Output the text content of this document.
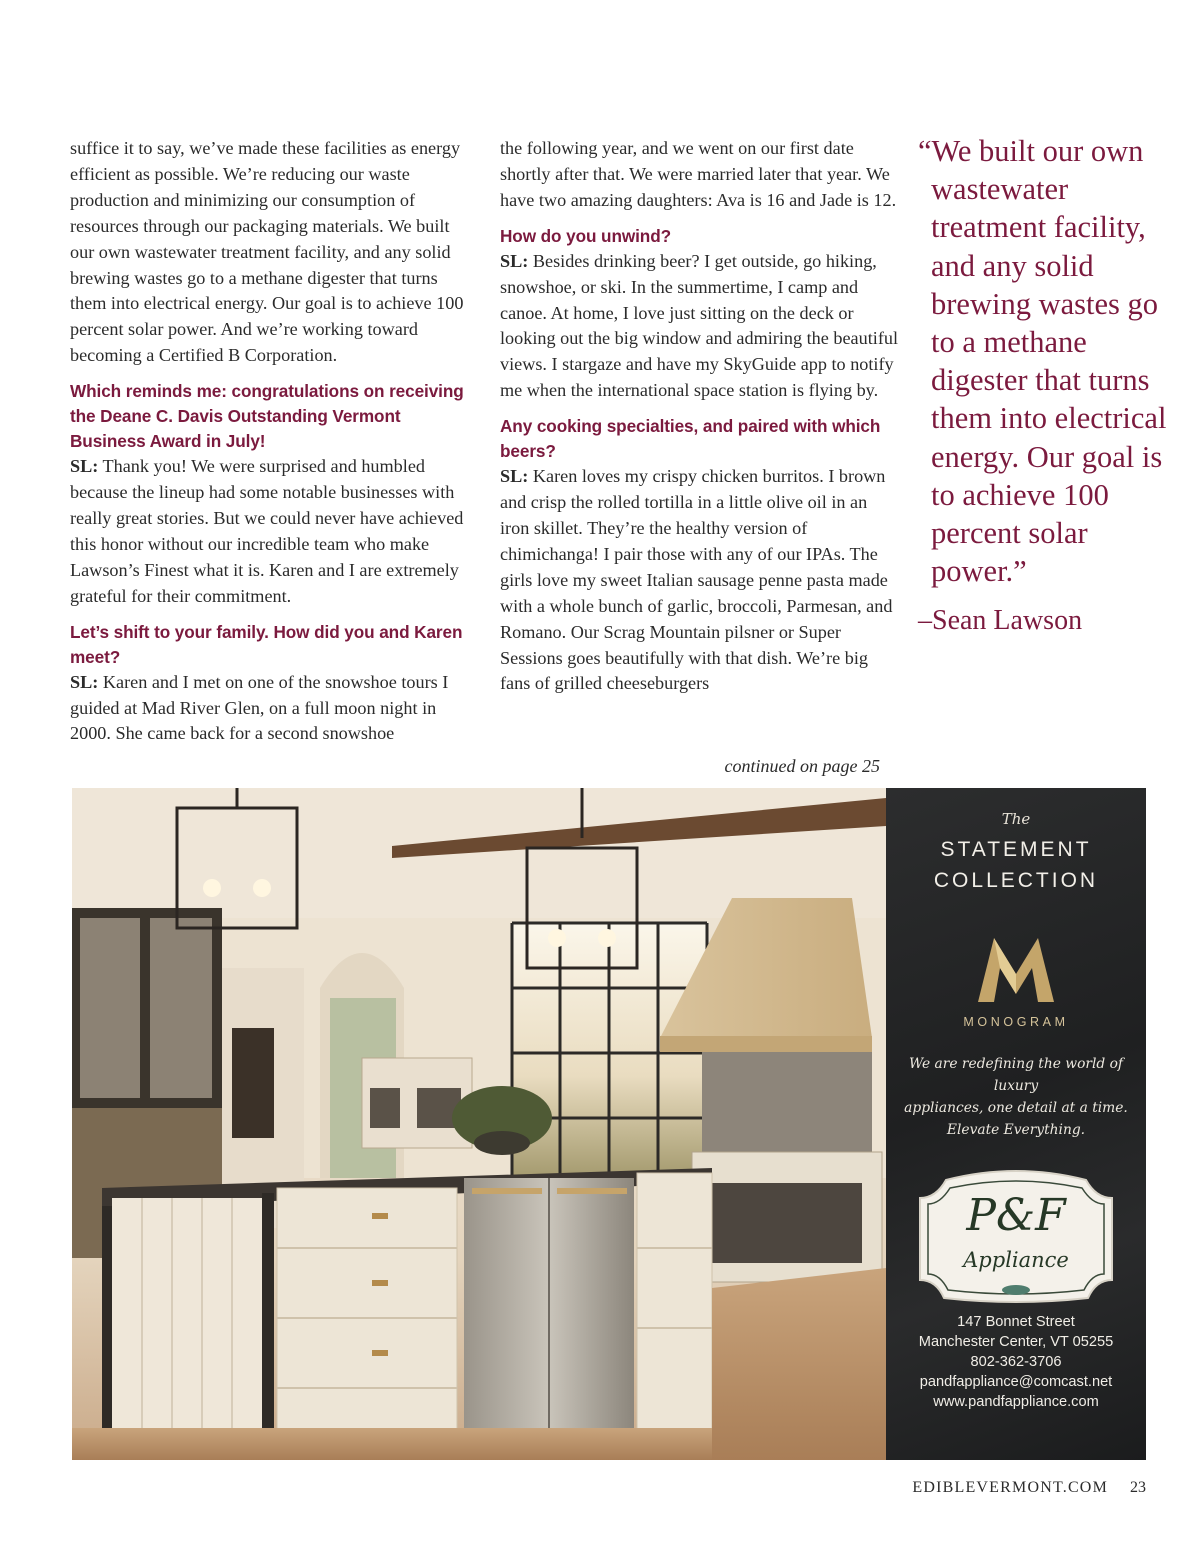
suffice it to say, we’ve made these facilities as energy efficient as possible. We’re reducing our waste production and minimizing our consumption of resources through our packaging materials. We built our own wastewater treatment facility, and any solid brewing wastes go to a methane digester that turns them into electrical energy. Our goal is to achieve 100 percent solar power. And we’re working toward becoming a Certified B Corporation.

Which reminds me: congratulations on receiving the Deane C. Davis Outstanding Vermont Business Award in July!

SL: Thank you! We were surprised and humbled because the lineup had some notable businesses with really great stories. But we could never have achieved this honor without our incredible team who make Lawson’s Finest what it is. Karen and I are extremely grateful for their commitment.

Let’s shift to your family. How did you and Karen meet?

SL: Karen and I met on one of the snowshoe tours I guided at Mad River Glen, on a full moon night in 2000. She came back for a second snowshoe

the following year, and we went on our first date shortly after that. We were married later that year. We have two amazing daughters: Ava is 16 and Jade is 12.

How do you unwind?

SL: Besides drinking beer? I get outside, go hiking, snowshoe, or ski. In the summertime, I camp and canoe. At home, I love just sitting on the deck or looking out the big window and admiring the beautiful views. I stargaze and have my SkyGuide app to notify me when the international space station is flying by.

Any cooking specialties, and paired with which beers?

SL: Karen loves my crispy chicken burritos. I brown and crisp the rolled tortilla in a little olive oil in an iron skillet. They’re the healthy version of chimichanga! I pair those with any of our IPAs. The girls love my sweet Italian sausage penne pasta made with a whole bunch of garlic, broccoli, Parmesan, and Romano. Our Scrag Mountain pilsner or Super Sessions goes beautifully with that dish. We’re big fans of grilled cheeseburgers

continued on page 25
“We built our own wastewater treatment facility, and any solid brewing wastes go to a methane digester that turns them into electrical energy. Our goal is to achieve 100 percent solar power.”
–Sean Lawson
The
STATEMENT
COLLECTION
MONOGRAM
We are redefining the world of luxury
appliances, one detail at a time.
Elevate Everything.
P&F
Appliance
147 Bonnet Street
Manchester Center, VT 05255
802-362-3706
pandfappliance@comcast.net
www.pandfappliance.com
EDIBLEVERMONT.COM 23
